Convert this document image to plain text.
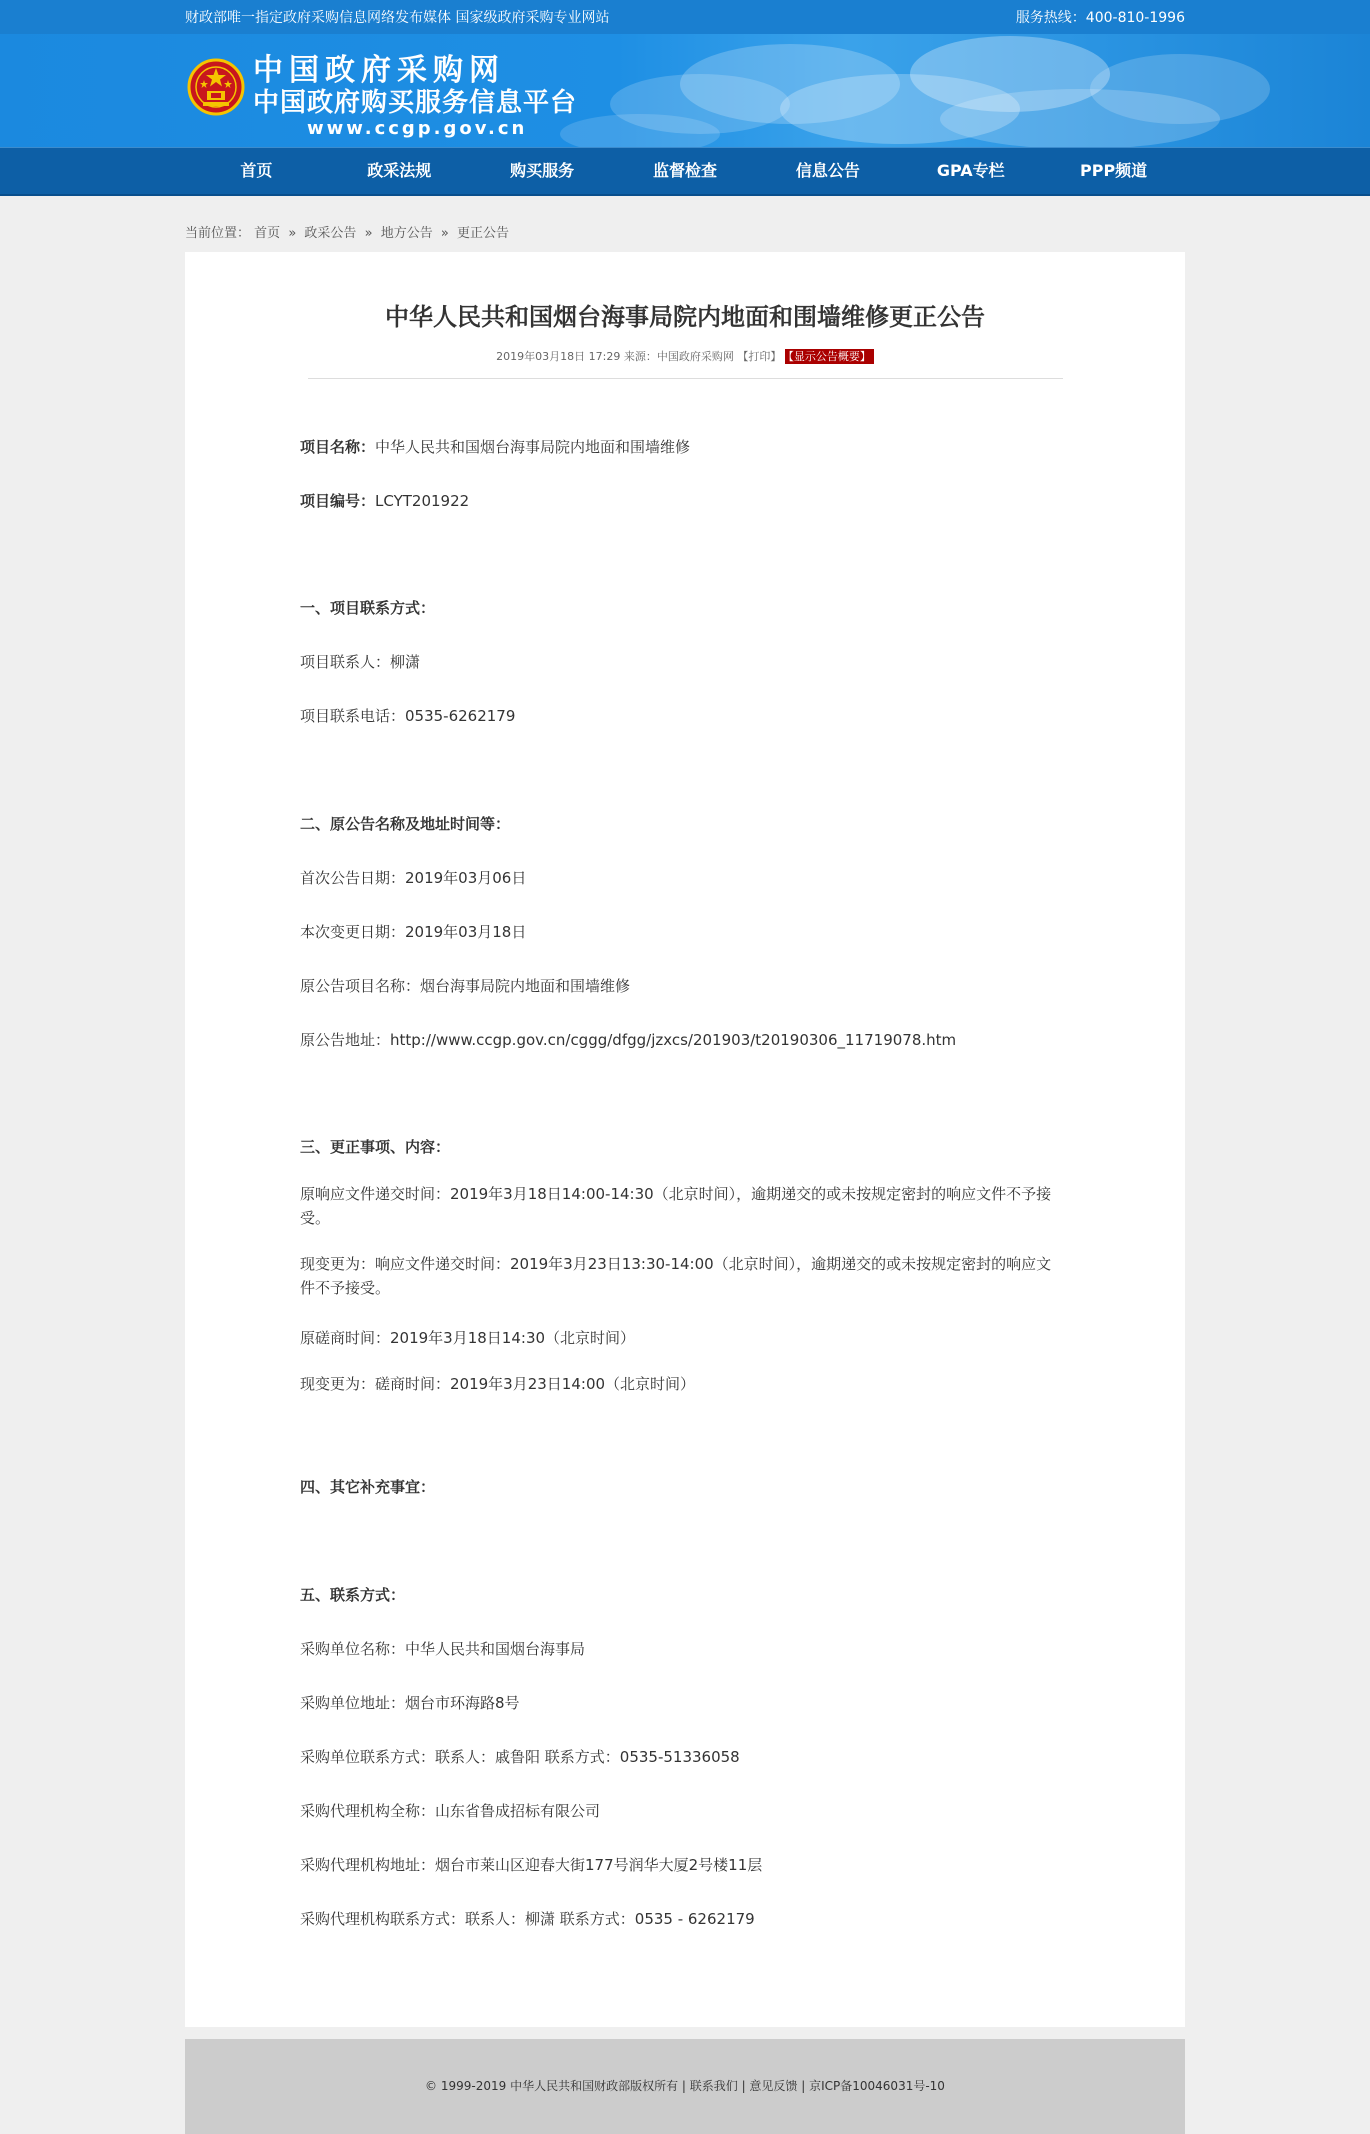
财政部唯一指定政府采购信息网络发布媒体 国家级政府采购专业网站	服务热线：400-810-1996
中国政府采购网
中国政府购买服务信息平台
www.ccgp.gov.cn
首页	政采法规	购买服务	监督检查	信息公告	GPA专栏	PPP频道
当前位置： 首页 » 政采公告 » 地方公告 » 更正公告
中华人民共和国烟台海事局院内地面和围墙维修更正公告
2019年03月18日 17:29 来源：中国政府采购网 【打印】 【显示公告概要】
项目名称：中华人民共和国烟台海事局院内地面和围墙维修
项目编号：LCYT201922
一、项目联系方式：
项目联系人：柳潇
项目联系电话：0535-6262179
二、原公告名称及地址时间等：
首次公告日期：2019年03月06日
本次变更日期：2019年03月18日
原公告项目名称：烟台海事局院内地面和围墙维修
原公告地址：http://www.ccgp.gov.cn/cggg/dfgg/jzxcs/201903/t20190306_11719078.htm
三、更正事项、内容：
原响应文件递交时间：2019年3月18日14:00-14:30（北京时间），逾期递交的或未按规定密封的响应文件不予接受。
现变更为：响应文件递交时间：2019年3月23日13:30-14:00（北京时间），逾期递交的或未按规定密封的响应文件不予接受。
原磋商时间：2019年3月18日14:30（北京时间）
现变更为：磋商时间：2019年3月23日14:00（北京时间）
四、其它补充事宜：
五、联系方式：
采购单位名称：中华人民共和国烟台海事局
采购单位地址：烟台市环海路8号
采购单位联系方式：联系人：戚鲁阳 联系方式：0535-51336058
采购代理机构全称：山东省鲁成招标有限公司
采购代理机构地址：烟台市莱山区迎春大街177号润华大厦2号楼11层
采购代理机构联系方式：联系人：柳潇 联系方式：0535 - 6262179
© 1999-2019 中华人民共和国财政部版权所有 | 联系我们 | 意见反馈 | 京ICP备10046031号-10
